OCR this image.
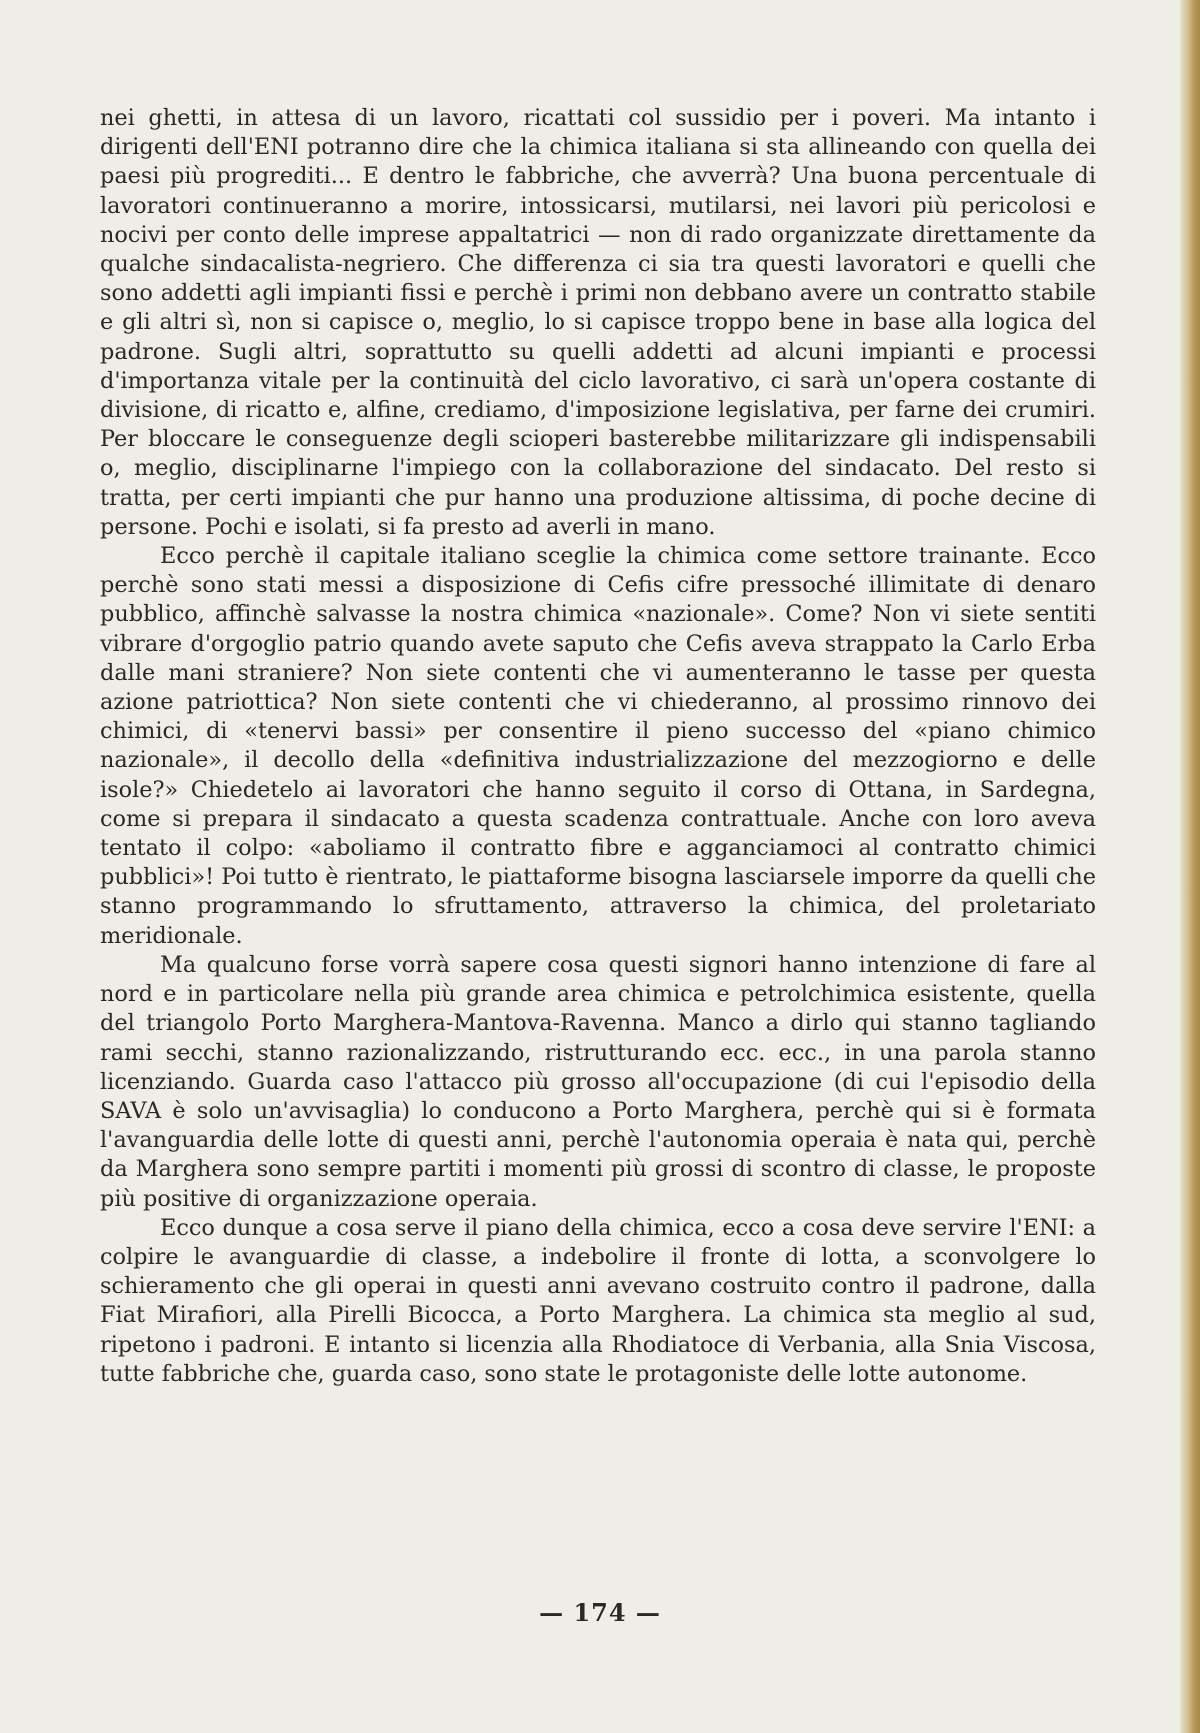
nei ghetti, in attesa di un lavoro, ricattati col sussidio per i poveri. Ma intanto i dirigenti dell'ENI potranno dire che la chimica italiana si sta allineando con quella dei paesi più progrediti... E dentro le fabbriche, che avverrà? Una buona percentuale di lavoratori continueranno a morire, intossicarsi, mutilarsi, nei lavori più pericolosi e nocivi per conto delle imprese appaltatrici — non di rado organizzate direttamente da qualche sindacalista-negriero. Che differenza ci sia tra questi lavoratori e quelli che sono addetti agli impianti fissi e perchè i primi non debbano avere un contratto stabile e gli altri sì, non si capisce o, meglio, lo si capisce troppo bene in base alla logica del padrone. Sugli altri, soprattutto su quelli addetti ad alcuni impianti e processi d'importanza vitale per la continuità del ciclo lavorativo, ci sarà un'opera costante di divisione, di ricatto e, alfine, crediamo, d'imposizione legislativa, per farne dei crumiri. Per bloccare le conseguenze degli scioperi basterebbe militarizzare gli indispensabili o, meglio, disciplinarne l'impiego con la collaborazione del sindacato. Del resto si tratta, per certi impianti che pur hanno una produzione altissima, di poche decine di persone. Pochi e isolati, si fa presto ad averli in mano.

Ecco perchè il capitale italiano sceglie la chimica come settore trainante. Ecco perchè sono stati messi a disposizione di Cefis cifre pressoché illimitate di denaro pubblico, affinchè salvasse la nostra chimica «nazionale». Come? Non vi siete sentiti vibrare d'orgoglio patrio quando avete saputo che Cefis aveva strappato la Carlo Erba dalle mani straniere? Non siete contenti che vi aumenteranno le tasse per questa azione patriottica? Non siete contenti che vi chiederanno, al prossimo rinnovo dei chimici, di «tenervi bassi» per consentire il pieno successo del «piano chimico nazionale», il decollo della «definitiva industrializzazione del mezzogiorno e delle isole?» Chiedetelo ai lavoratori che hanno seguito il corso di Ottana, in Sardegna, come si prepara il sindacato a questa scadenza contrattuale. Anche con loro aveva tentato il colpo: «aboliamo il contratto fibre e agganciamoci al contratto chimici pubblici»! Poi tutto è rientrato, le piattaforme bisogna lasciarsele imporre da quelli che stanno programmando lo sfruttamento, attraverso la chimica, del proletariato meridionale.

Ma qualcuno forse vorrà sapere cosa questi signori hanno intenzione di fare al nord e in particolare nella più grande area chimica e petrolchimica esistente, quella del triangolo Porto Marghera-Mantova-Ravenna. Manco a dirlo qui stanno tagliando rami secchi, stanno razionalizzando, ristrutturando ecc. ecc., in una parola stanno licenziando. Guarda caso l'attacco più grosso all'occupazione (di cui l'episodio della SAVA è solo un'avvisaglia) lo conducono a Porto Marghera, perchè qui si è formata l'avanguardia delle lotte di questi anni, perchè l'autonomia operaia è nata qui, perchè da Marghera sono sempre partiti i momenti più grossi di scontro di classe, le proposte più positive di organizzazione operaia.

Ecco dunque a cosa serve il piano della chimica, ecco a cosa deve servire l'ENI: a colpire le avanguardie di classe, a indebolire il fronte di lotta, a sconvolgere lo schieramento che gli operai in questi anni avevano costruito contro il padrone, dalla Fiat Mirafiori, alla Pirelli Bicocca, a Porto Marghera. La chimica sta meglio al sud, ripetono i padroni. E intanto si licenzia alla Rhodiatoce di Verbania, alla Snia Viscosa, tutte fabbriche che, guarda caso, sono state le protagoniste delle lotte autonome.

— 174 —
